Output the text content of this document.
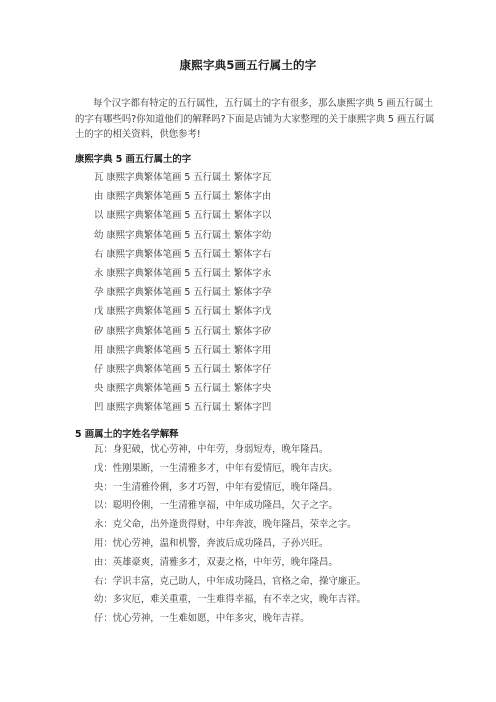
康熙字典5画五行属土的字

每个汉字都有特定的五行属性，五行属土的字有很多，那么康熙字典 5 画五行属土的字有哪些吗?你知道他们的解释吗?下面是店铺为大家整理的关于康熙字典 5 画五行属土的字的相关资料，供您参考!

康熙字典 5 画五行属土的字
瓦 康熙字典繁体笔画 5 五行属土 繁体字瓦
由 康熙字典繁体笔画 5 五行属土 繁体字由
以 康熙字典繁体笔画 5 五行属土 繁体字以
幼 康熙字典繁体笔画 5 五行属土 繁体字幼
右 康熙字典繁体笔画 5 五行属土 繁体字右
永 康熙字典繁体笔画 5 五行属土 繁体字永
孕 康熙字典繁体笔画 5 五行属土 繁体字孕
戊 康熙字典繁体笔画 5 五行属土 繁体字戊
矽 康熙字典繁体笔画 5 五行属土 繁体字矽
用 康熙字典繁体笔画 5 五行属土 繁体字用
仔 康熙字典繁体笔画 5 五行属土 繁体字仔
央 康熙字典繁体笔画 5 五行属土 繁体字央
凹 康熙字典繁体笔画 5 五行属土 繁体字凹
5 画属土的字姓名学解释
瓦：身犯破，忧心劳神，中年劳，身弱短寿，晚年隆昌。
戊：性刚果断，一生清雅多才，中年有爱情厄，晚年吉庆。
央：一生清雅伶俐，多才巧智，中年有爱情厄，晚年隆昌。
以：聪明伶俐，一生清雅享福，中年成功隆昌，欠子之字。
永：克父命，出外逢贵得财，中年奔波，晚年隆昌，荣幸之字。
用：忧心劳神，温和机警，奔波后成功隆昌，子孙兴旺。
由：英雄豪爽，清雅多才，双妻之格，中年劳，晚年隆昌。
右：学识丰富，克己助人，中年成功隆昌，官格之命，操守廉正。
幼：多灾厄，难关重重，一生难得幸福，有不幸之灾，晚年吉祥。
仔：忧心劳神，一生难如愿，中年多灾，晚年吉祥。
